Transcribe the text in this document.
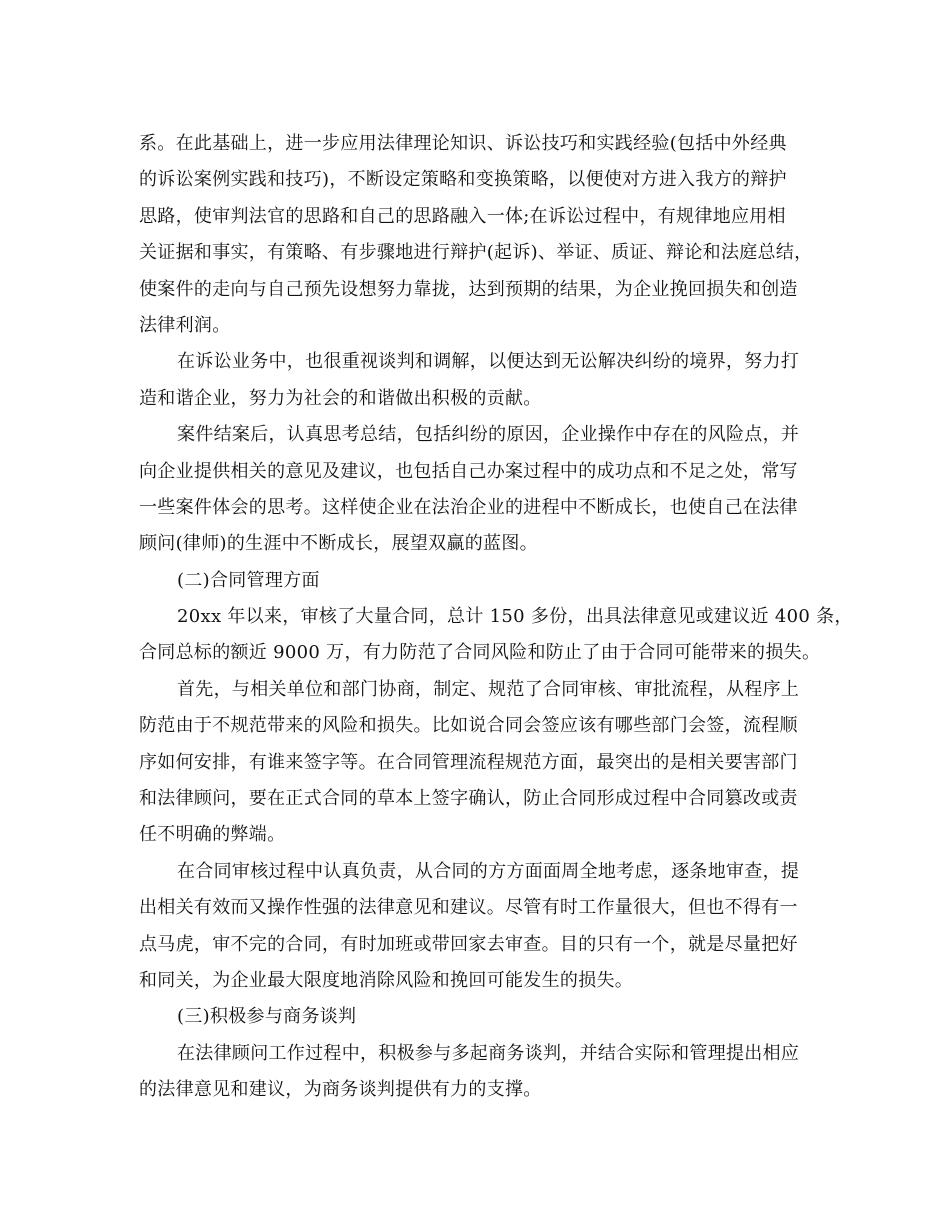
系。在此基础上，进一步应用法律理论知识、诉讼技巧和实践经验(包括中外经典
的诉讼案例实践和技巧)，不断设定策略和变换策略，以便使对方进入我方的辩护
思路，使审判法官的思路和自己的思路融入一体;在诉讼过程中，有规律地应用相
关证据和事实，有策略、有步骤地进行辩护(起诉)、举证、质证、辩论和法庭总结，
使案件的走向与自己预先设想努力靠拢，达到预期的结果，为企业挽回损失和创造
法律利润。
在诉讼业务中，也很重视谈判和调解，以便达到无讼解决纠纷的境界，努力打
造和谐企业，努力为社会的和谐做出积极的贡献。
案件结案后，认真思考总结，包括纠纷的原因，企业操作中存在的风险点，并
向企业提供相关的意见及建议，也包括自己办案过程中的成功点和不足之处，常写
一些案件体会的思考。这样使企业在法治企业的进程中不断成长，也使自己在法律
顾问(律师)的生涯中不断成长，展望双赢的蓝图。
(二)合同管理方面
20xx 年以来，审核了大量合同，总计 150 多份，出具法律意见或建议近 400 条，
合同总标的额近 9000 万，有力防范了合同风险和防止了由于合同可能带来的损失。
首先，与相关单位和部门协商，制定、规范了合同审核、审批流程，从程序上
防范由于不规范带来的风险和损失。比如说合同会签应该有哪些部门会签，流程顺
序如何安排，有谁来签字等。在合同管理流程规范方面，最突出的是相关要害部门
和法律顾问，要在正式合同的草本上签字确认，防止合同形成过程中合同篡改或责
任不明确的弊端。
在合同审核过程中认真负责，从合同的方方面面周全地考虑，逐条地审查，提
出相关有效而又操作性强的法律意见和建议。尽管有时工作量很大，但也不得有一
点马虎，审不完的合同，有时加班或带回家去审查。目的只有一个，就是尽量把好
和同关，为企业最大限度地消除风险和挽回可能发生的损失。
(三)积极参与商务谈判
在法律顾问工作过程中，积极参与多起商务谈判，并结合实际和管理提出相应
的法律意见和建议，为商务谈判提供有力的支撑。
